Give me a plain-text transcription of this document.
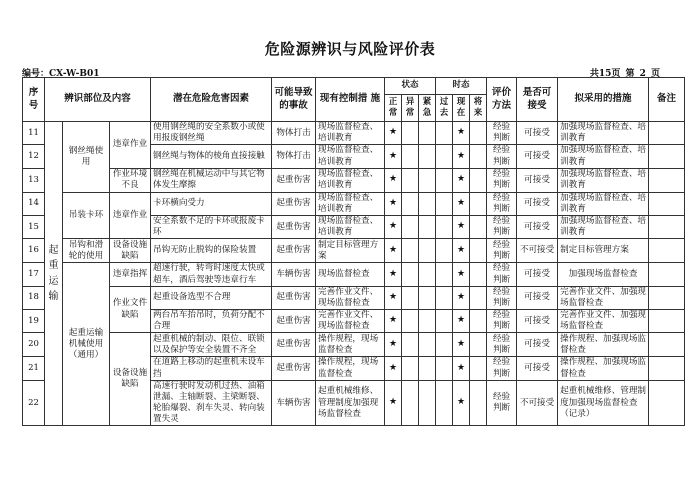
危险源辨识与风险评价表
编号：CX-W-B01	共15页 第 2 页
序号	辨识部位及内容			潜在危险危害因素	可能导致的事故	现有控制措 施	状态			时态			评价方法	是否可接受	拟采用的措施	备注
							正常	异常	紧急	过去	现在	将来				
11	起重运输	钢丝绳使用	违章作业	使用钢丝绳的安全系数小或使用报废钢丝绳	物体打击	现场监督检查、培训教育	★				★		经验判断	可接受	加强现场监督检查、培训教育	
12				钢丝绳与物体的棱角直接接触	物体打击	现场监督检查、培训教育	★				★		经验判断	可接受	加强现场监督检查、培训教育	
13			作业环境不良	钢丝绳在机械运动中与其它物体发生摩擦	起重伤害	现场监督检查、培训教育	★				★		经验判断	可接受	加强现场监督检查、培训教育	
14		吊装卡环	违章作业	卡环横向受力	起重伤害	现场监督检查、培训教育	★				★		经验判断	可接受	加强现场监督检查、培训教育	
15				安全系数不足的卡环或报废卡环	起重伤害	现场监督检查、培训教育	★				★		经验判断	可接受	加强现场监督检查、培训教育	
16		吊钩和滑轮的使用	设备设施缺陷	吊钩无防止脱钩的保险装置	起重伤害	制定目标管理方案	★				★		经验判断	不可接受	制定目标管理方案	
17		起重运输机械使用（通用）	违章指挥	超速行驶，转弯时速度太快或超车，酒后驾驶等违章行车	车辆伤害	现场监督检查	★				★		经验判断	可接受	加强现场监督检查	
18			作业文件缺陷	起重设备选型不合理	起重伤害	完善作业文件、现场监督检查	★				★		经验判断	可接受	完善作业文件、加强现场监督检查	
19				两台吊车抬吊时，负荷分配不合理	起重伤害	完善作业文件、现场监督检查	★				★		经验判断	可接受	完善作业文件、加强现场监督检查	
20			设备设施缺陷	起重机械的制动、限位、联锁以及保护等安全装置不齐全	起重伤害	操作规程，现场监督检查	★				★		经验判断	可接受	操作规程、加强现场监督检查	
21				在道路上移动的起重机未设车挡	起重伤害	操作规程，现场监督检查	★				★		经验判断	可接受	操作规程、加强现场监督检查	
22				高速行驶时发动机过热、油箱泄漏、主轴断裂、主梁断裂、轮胎爆裂、刹车失灵、转向装置失灵	车辆伤害	起重机械维修、管理制度加强现场监督检查	★				★		经验判断	不可接受	起重机械维修、管理制度加强现场监督检查（记录）	
